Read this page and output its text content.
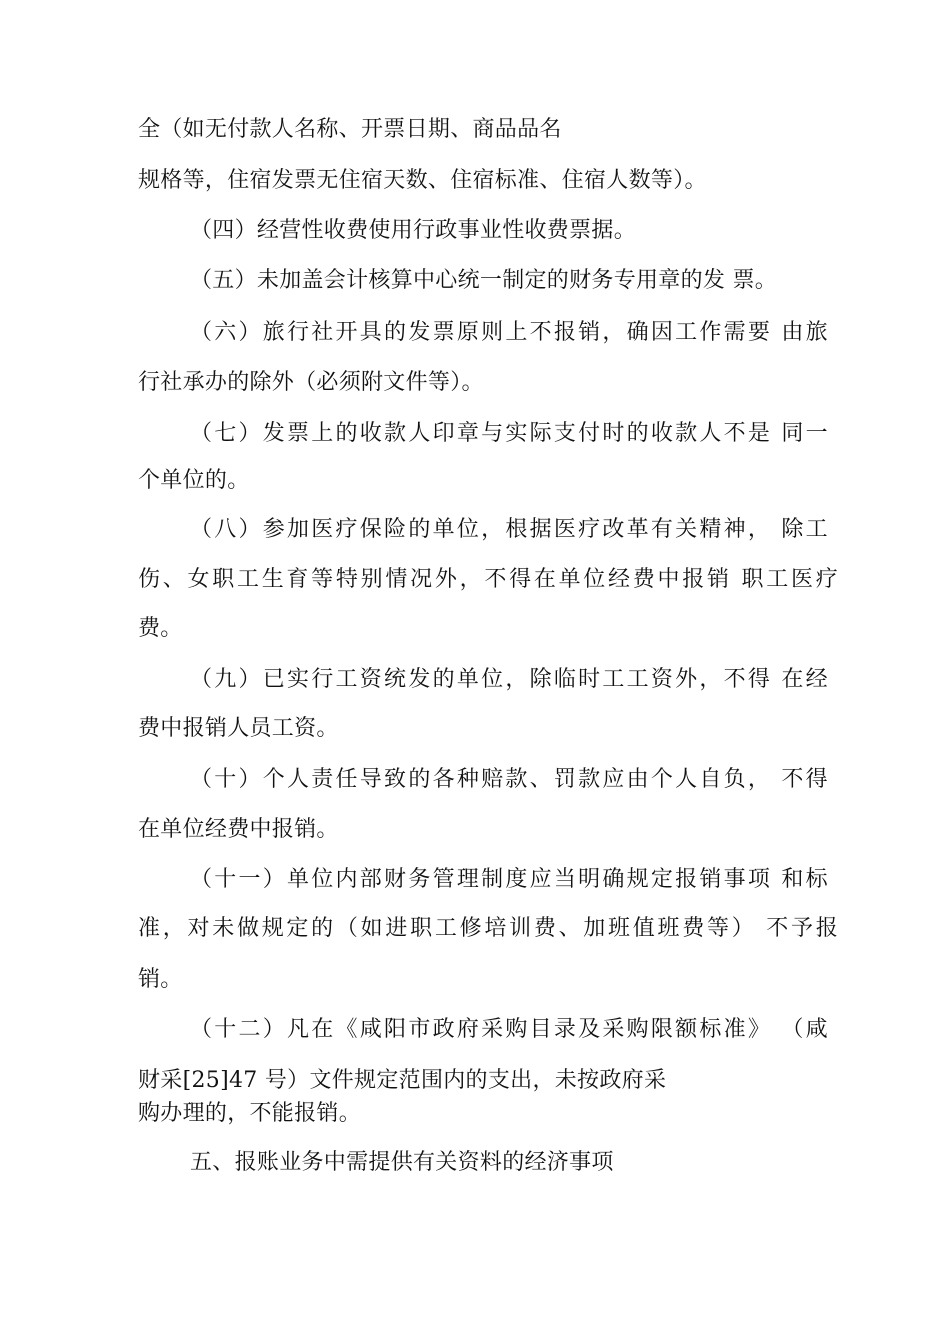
全（如无付款人名称、开票日期、商品品名
规格等，住宿发票无住宿天数、住宿标准、住宿人数等）。
（四）经营性收费使用行政事业性收费票据。
（五）未加盖会计核算中心统一制定的财务专用章的发 票。
（六）旅行社开具的发票原则上不报销，确因工作需要 由旅
行社承办的除外（必须附文件等）。
（七）发票上的收款人印章与实际支付时的收款人不是 同一
个单位的。
（八）参加医疗保险的单位，根据医疗改革有关精神， 除工
伤、女职工生育等特别情况外，不得在单位经费中报销 职工医疗
费。
（九）已实行工资统发的单位，除临时工工资外，不得 在经
费中报销人员工资。
（十）个人责任导致的各种赔款、罚款应由个人自负， 不得
在单位经费中报销。
（十一）单位内部财务管理制度应当明确规定报销事项 和标
准，对未做规定的（如进职工修培训费、加班值班费等） 不予报
销。
（十二）凡在《咸阳市政府采购目录及采购限额标准》 （咸
财采[25]47 号）文件规定范围内的支出，未按政府采
购办理的，不能报销。
五、报账业务中需提供有关资料的经济事项
